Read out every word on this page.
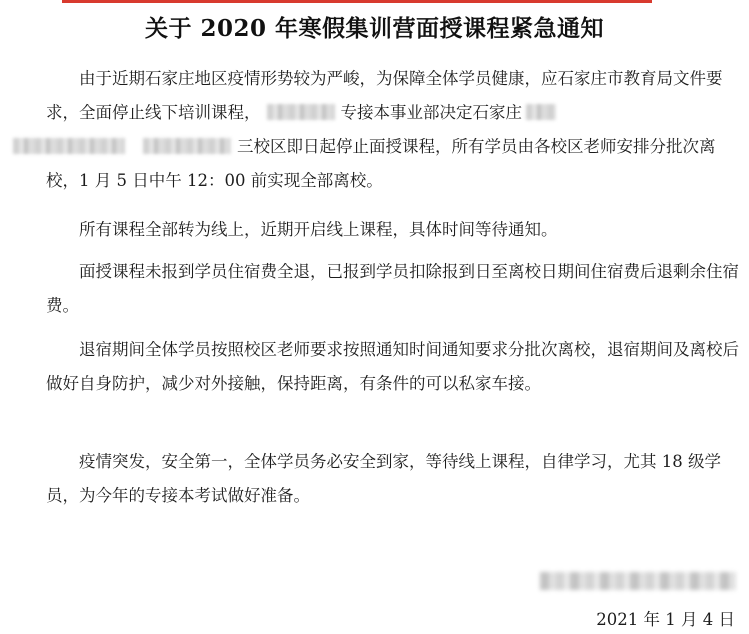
关于 2020 年寒假集训营面授课程紧急通知

由于近期石家庄地区疫情形势较为严峻，为保障全体学员健康，应石家庄市教育局文件要求，全面停止线下培训课程，	专接本事业部决定石家庄
三校区即日起停止面授课程，所有学员由各校区老师安排分批次离校，1 月 5 日中午 12：00 前实现全部离校。

所有课程全部转为线上，近期开启线上课程，具体时间等待通知。

面授课程未报到学员住宿费全退，已报到学员扣除报到日至离校日期间住宿费后退剩余住宿费。

退宿期间全体学员按照校区老师要求按照通知时间通知要求分批次离校，退宿期间及离校后做好自身防护，减少对外接触，保持距离，有条件的可以私家车接。

疫情突发，安全第一，全体学员务必安全到家，等待线上课程，自律学习，尤其 18 级学员，为今年的专接本考试做好准备。

2021 年 1 月 4 日
